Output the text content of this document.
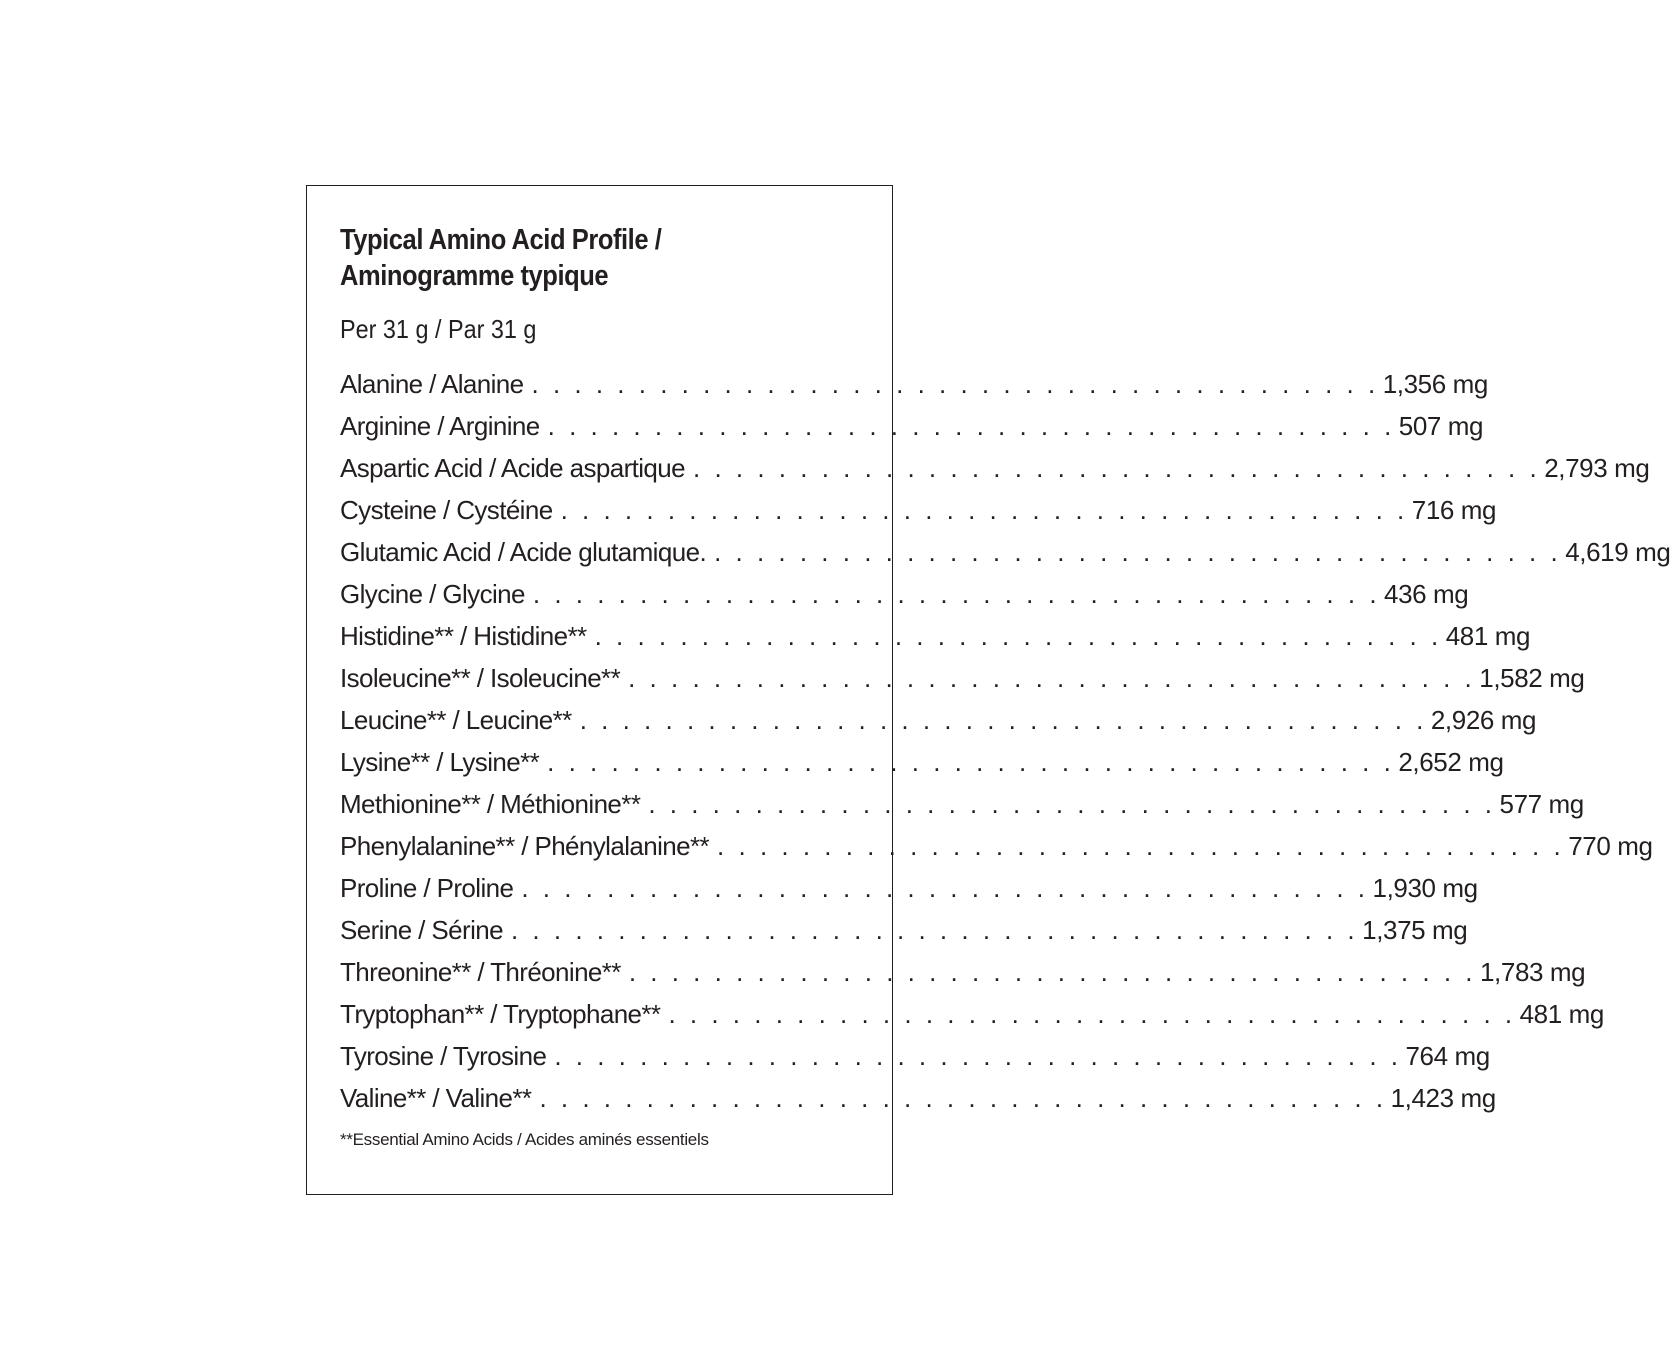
Typical Amino Acid Profile /
Aminogramme typique
Per 31 g / Par 31 g
Alanine / Alanine . . . . . . . . . . . . . . . . . . . . . . . . . . . . . . . . . . . . . . . . 1,356 mg
Arginine / Arginine . . . . . . . . . . . . . . . . . . . . . . . . . . . . . . . . . . . . . . . . 507 mg
Aspartic Acid / Acide aspartique . . . . . . . . . . . . . . . . . . . . . . . . . . . . . . . . . . . . . . . . 2,793 mg
Cysteine / Cystéine . . . . . . . . . . . . . . . . . . . . . . . . . . . . . . . . . . . . . . . . 716 mg
Glutamic Acid / Acide glutamique. . . . . . . . . . . . . . . . . . . . . . . . . . . . . . . . . . . . . . . . . 4,619 mg
Glycine / Glycine . . . . . . . . . . . . . . . . . . . . . . . . . . . . . . . . . . . . . . . . 436 mg
Histidine** / Histidine** . . . . . . . . . . . . . . . . . . . . . . . . . . . . . . . . . . . . . . . . 481 mg
Isoleucine** / Isoleucine** . . . . . . . . . . . . . . . . . . . . . . . . . . . . . . . . . . . . . . . . 1,582 mg
Leucine** / Leucine** . . . . . . . . . . . . . . . . . . . . . . . . . . . . . . . . . . . . . . . . 2,926 mg
Lysine** / Lysine** . . . . . . . . . . . . . . . . . . . . . . . . . . . . . . . . . . . . . . . . 2,652 mg
Methionine** / Méthionine** . . . . . . . . . . . . . . . . . . . . . . . . . . . . . . . . . . . . . . . . 577 mg
Phenylalanine** / Phénylalanine** . . . . . . . . . . . . . . . . . . . . . . . . . . . . . . . . . . . . . . . . 770 mg
Proline / Proline . . . . . . . . . . . . . . . . . . . . . . . . . . . . . . . . . . . . . . . . 1,930 mg
Serine / Sérine . . . . . . . . . . . . . . . . . . . . . . . . . . . . . . . . . . . . . . . . 1,375 mg
Threonine** / Thréonine** . . . . . . . . . . . . . . . . . . . . . . . . . . . . . . . . . . . . . . . . 1,783 mg
Tryptophan** / Tryptophane** . . . . . . . . . . . . . . . . . . . . . . . . . . . . . . . . . . . . . . . . 481 mg
Tyrosine / Tyrosine . . . . . . . . . . . . . . . . . . . . . . . . . . . . . . . . . . . . . . . . 764 mg
Valine** / Valine** . . . . . . . . . . . . . . . . . . . . . . . . . . . . . . . . . . . . . . . . 1,423 mg
**Essential Amino Acids / Acides aminés essentiels
